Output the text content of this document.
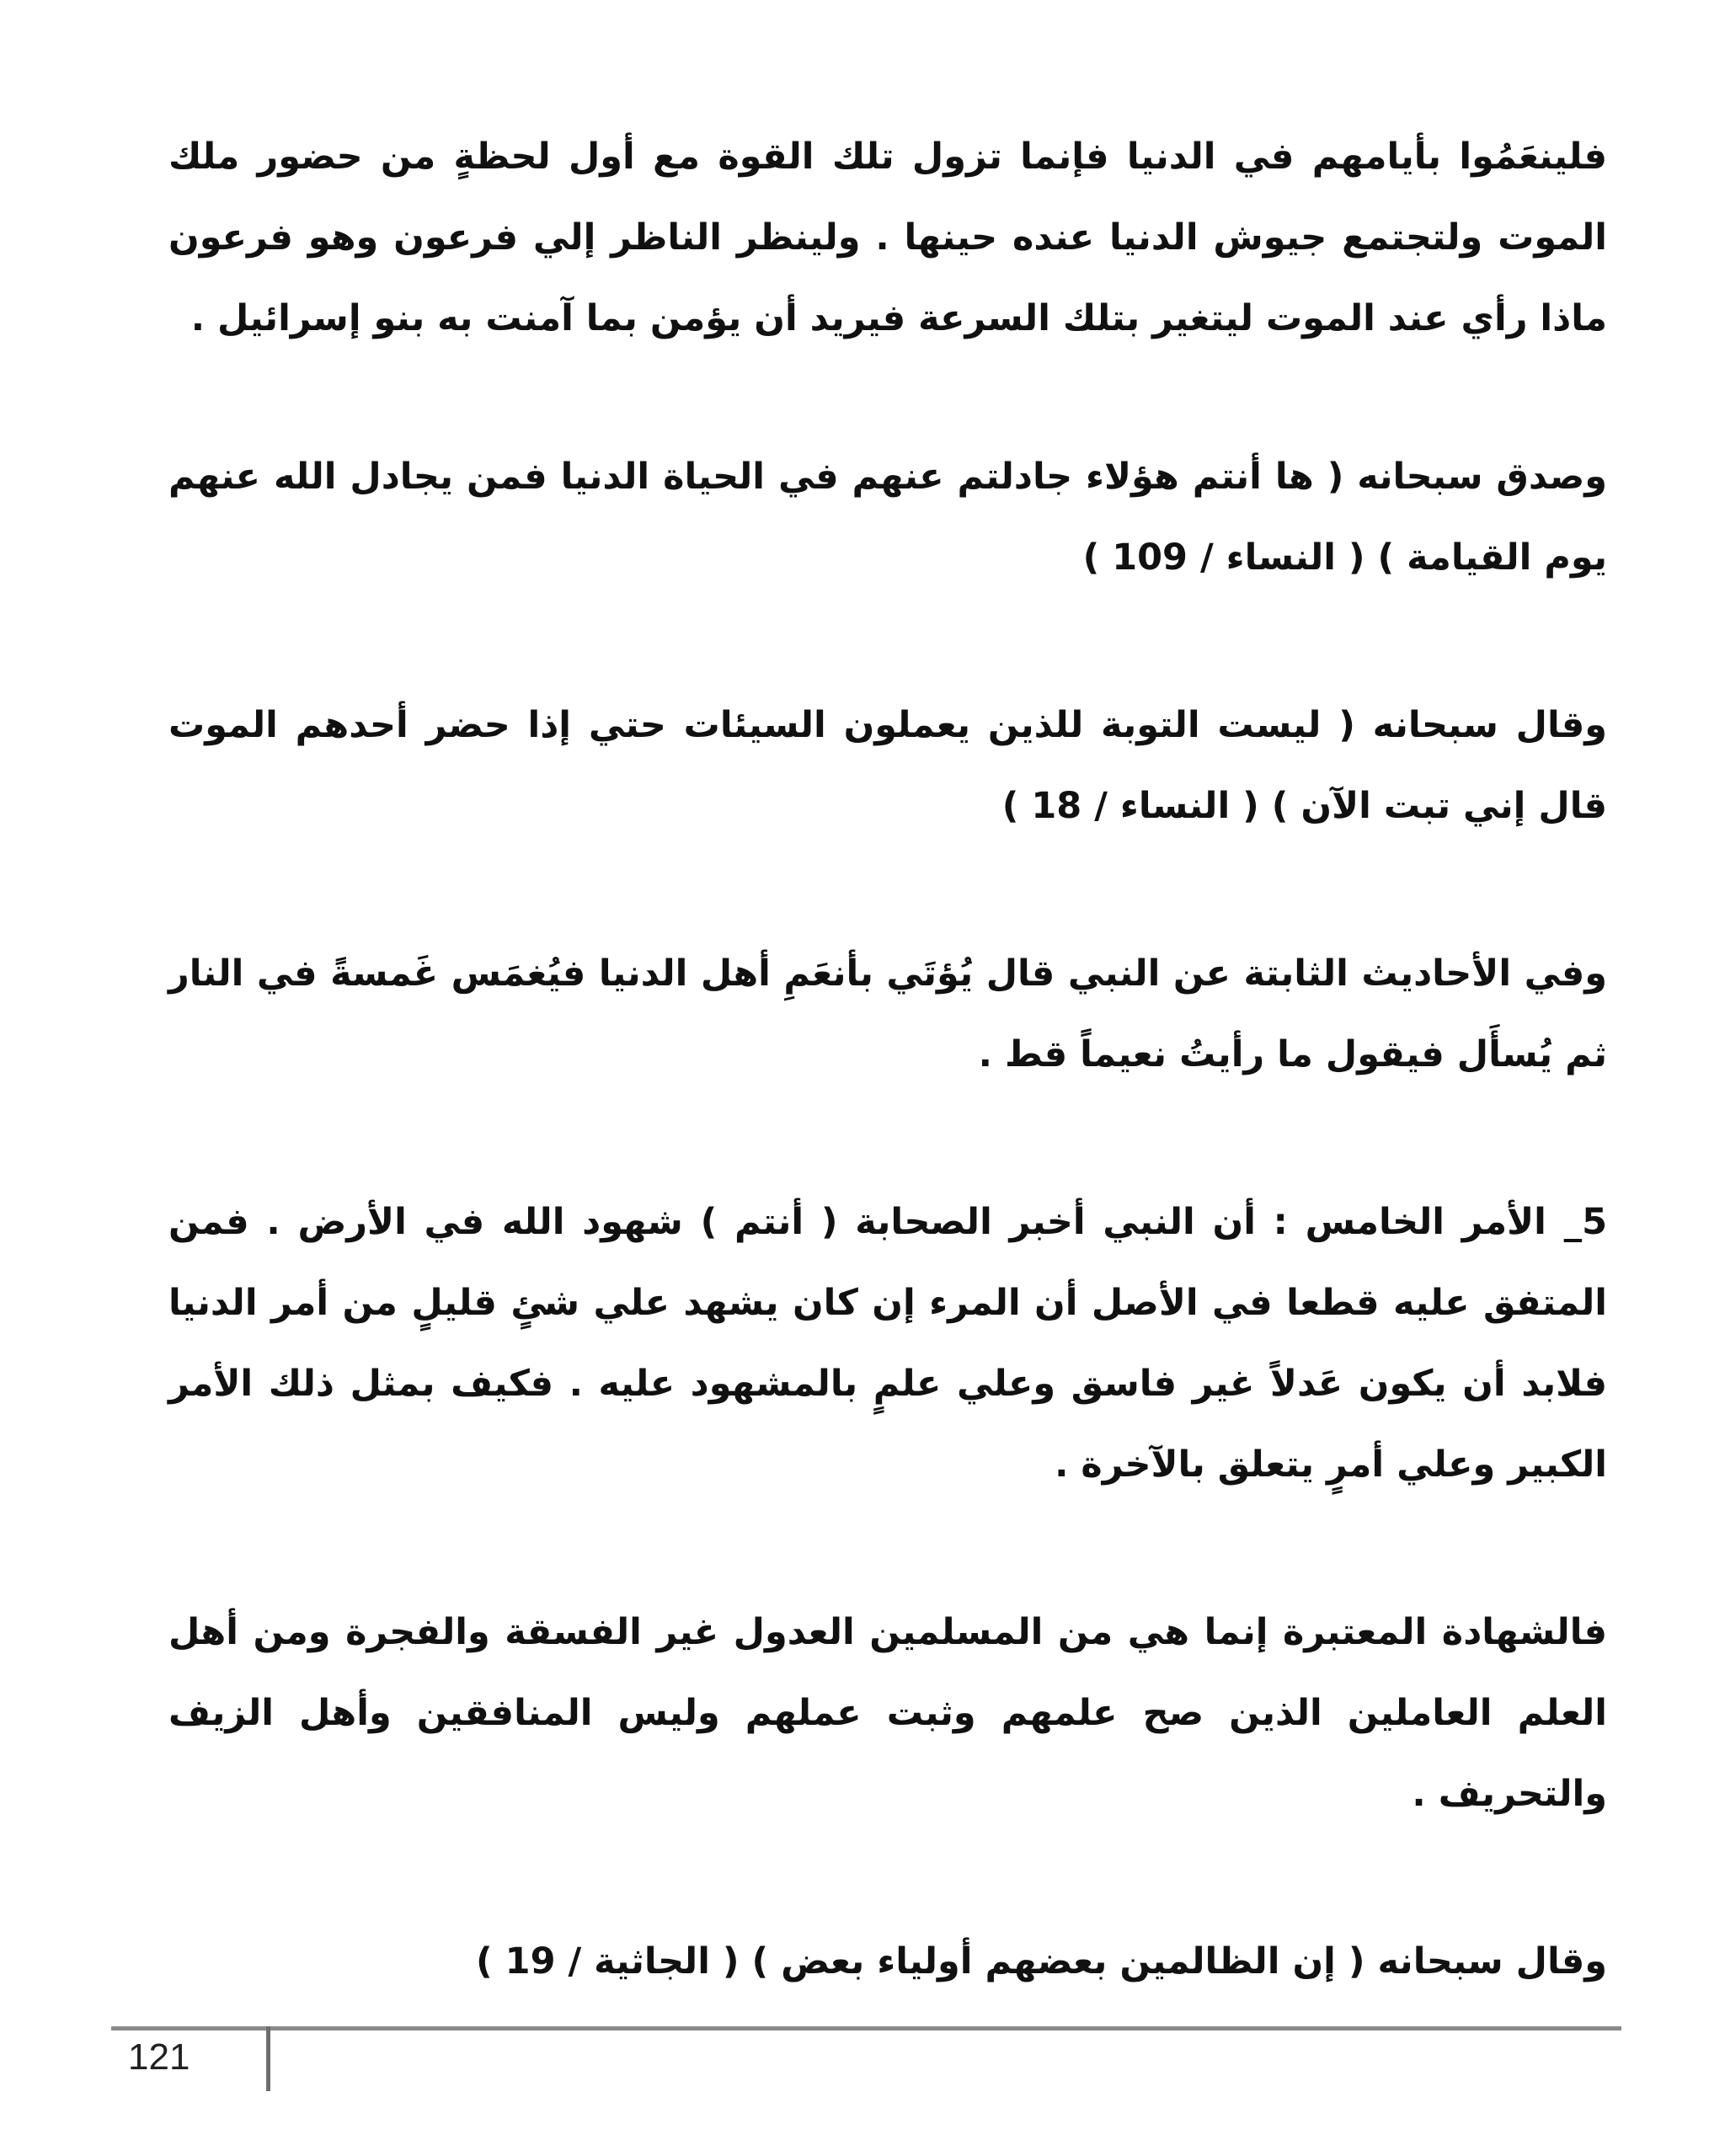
فلينعَمُوا بأيامهم في الدنيا فإنما تزول تلك القوة مع أول لحظةٍ من حضور ملك الموت ولتجتمع جيوش الدنيا عنده حينها . ولينظر الناظر إلي فرعون وهو فرعون ماذا رأي عند الموت ليتغير بتلك السرعة فيريد أن يؤمن بما آمنت به بنو إسرائيل .

وصدق سبحانه ( ها أنتم هؤلاء جادلتم عنهم في الحياة الدنيا فمن يجادل الله عنهم يوم القيامة ) ( النساء / 109 )

وقال سبحانه ( ليست التوبة للذين يعملون السيئات حتي إذا حضر أحدهم الموت قال إني تبت الآن ) ( النساء / 18 )

وفي الأحاديث الثابتة عن النبي قال يُؤتَي بأنعَمِ أهل الدنيا فيُغمَس غَمسةً في النار ثم يُسأَل فيقول ما رأيتُ نعيماً قط .

5_ الأمر الخامس : أن النبي أخبر الصحابة ( أنتم ) شهود الله في الأرض . فمن المتفق عليه قطعا في الأصل أن المرء إن كان يشهد علي شئٍ قليلٍ من أمر الدنيا فلابد أن يكون عَدلاً غير فاسق وعلي علمٍ بالمشهود عليه . فكيف بمثل ذلك الأمر الكبير وعلي أمرٍ يتعلق بالآخرة .

فالشهادة المعتبرة إنما هي من المسلمين العدول غير الفسقة والفجرة ومن أهل العلم العاملين الذين صح علمهم وثبت عملهم وليس المنافقين وأهل الزيف والتحريف .

وقال سبحانه ( إن الظالمين بعضهم أولياء بعض ) ( الجاثية / 19 )

121
